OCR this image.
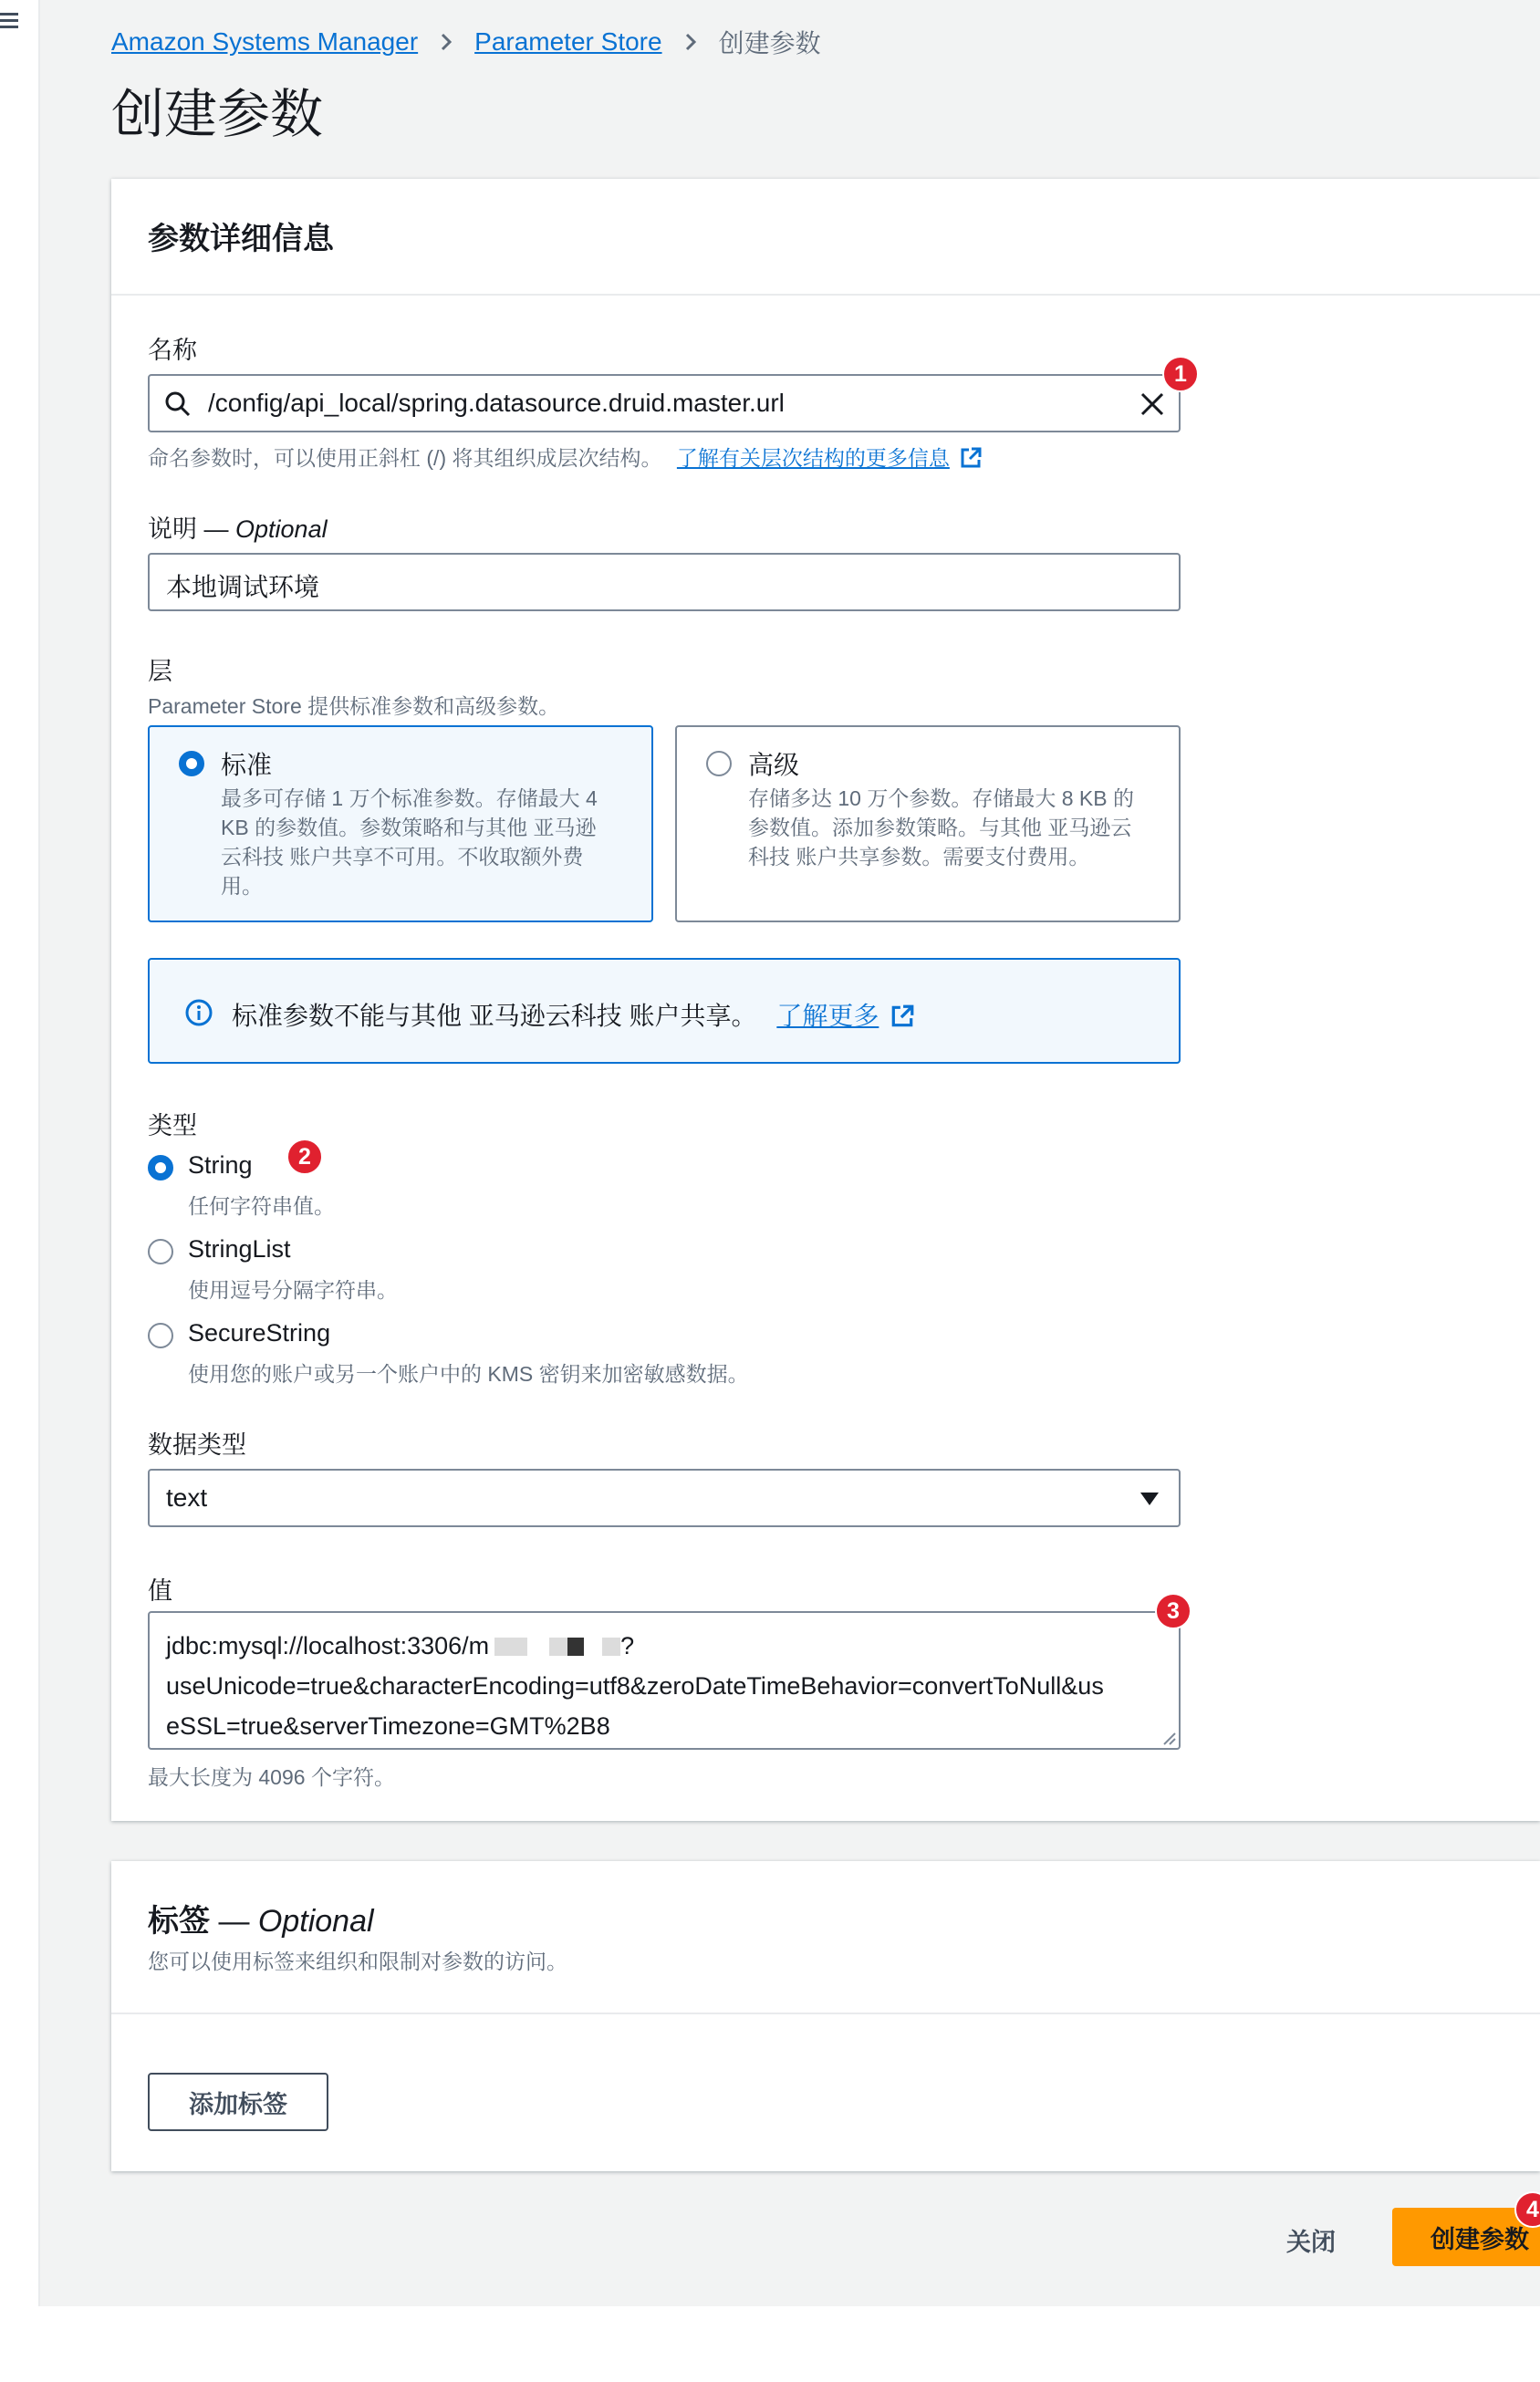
Amazon Systems Manager Parameter Store 创建参数
创建参数
参数详细信息
名称
/config/api_local/spring.datasource.druid.master.url
1
命名参数时，可以使用正斜杠 (/) 将其组织成层次结构。 了解有关层次结构的更多信息
说明 — Optional
本地调试环境
层
Parameter Store 提供标准参数和高级参数。
标准
最多可存储 1 万个标准参数。存储最大 4
KB 的参数值。参数策略和与其他 亚马逊
云科技 账户共享不可用。不收取额外费
用。
高级
存储多达 10 万个参数。存储最大 8 KB 的
参数值。添加参数策略。与其他 亚马逊云
科技 账户共享参数。需要支付费用。
标准参数不能与其他 亚马逊云科技 账户共享。 了解更多
类型
2
String
任何字符串值。
StringList
使用逗号分隔字符串。
SecureString
使用您的账户或另一个账户中的 KMS 密钥来加密敏感数据。
数据类型
text
值
jdbc:mysql://localhost:3306/m	?
useUnicode=true&characterEncoding=utf8&zeroDateTimeBehavior=convertToNull&us
eSSL=true&serverTimezone=GMT%2B8
3
最大长度为 4096 个字符。
标签 — Optional
您可以使用标签来组织和限制对参数的访问。
添加标签
关闭	创建参数
4
